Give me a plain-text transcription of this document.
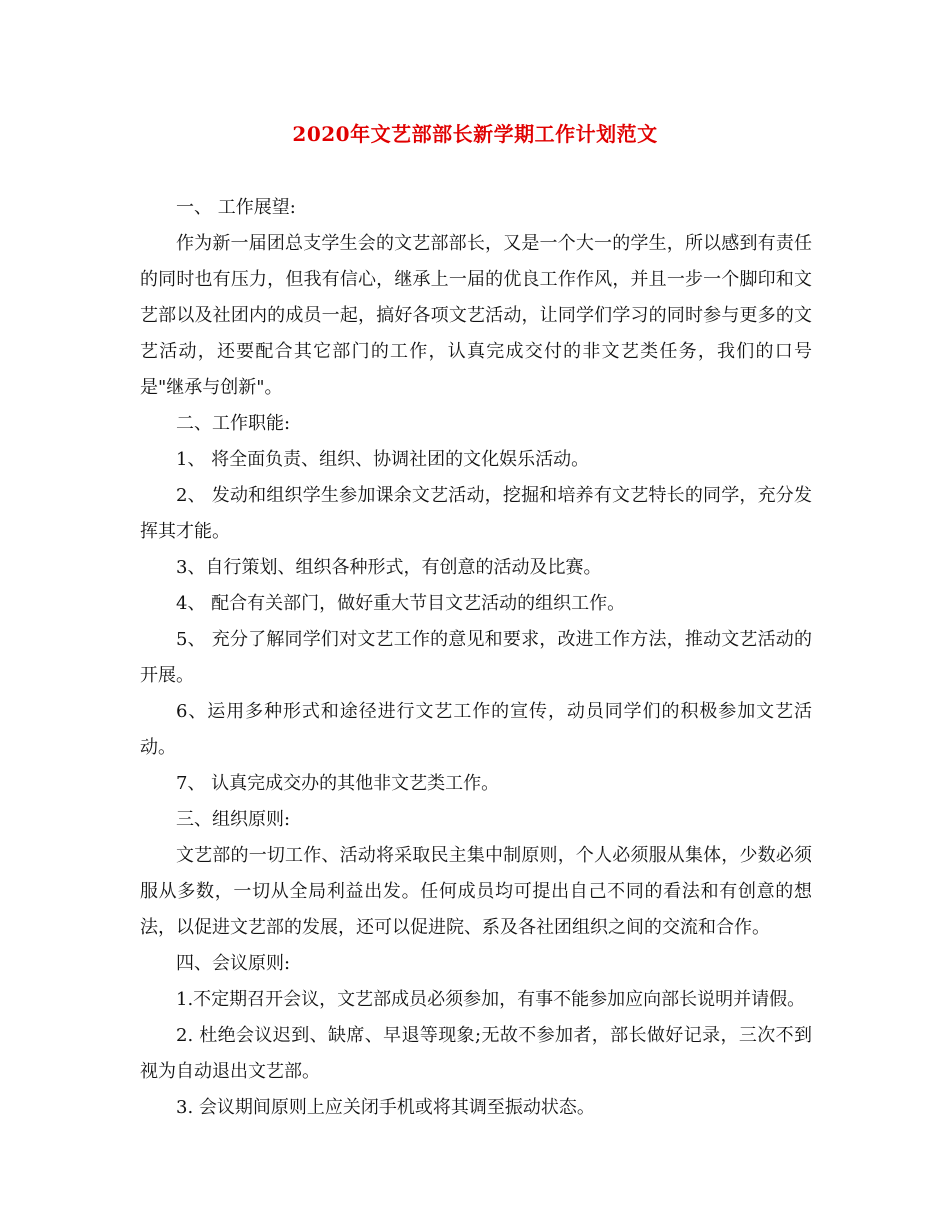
2020年文艺部部长新学期工作计划范文

一、 工作展望:

作为新一届团总支学生会的文艺部部长，又是一个大一的学生，所以感到有责任的同时也有压力，但我有信心，继承上一届的优良工作作风，并且一步一个脚印和文艺部以及社团内的成员一起，搞好各项文艺活动，让同学们学习的同时参与更多的文艺活动，还要配合其它部门的工作，认真完成交付的非文艺类任务，我们的口号是"继承与创新"。

二、工作职能:

1、 将全面负责、组织、协调社团的文化娱乐活动。

2、 发动和组织学生参加课余文艺活动，挖掘和培养有文艺特长的同学，充分发挥其才能。

3、自行策划、组织各种形式，有创意的活动及比赛。

4、 配合有关部门，做好重大节目文艺活动的组织工作。

5、 充分了解同学们对文艺工作的意见和要求，改进工作方法，推动文艺活动的开展。

6、运用多种形式和途径进行文艺工作的宣传，动员同学们的积极参加文艺活动。

7、 认真完成交办的其他非文艺类工作。

三、组织原则:

文艺部的一切工作、活动将采取民主集中制原则，个人必须服从集体，少数必须服从多数，一切从全局利益出发。任何成员均可提出自己不同的看法和有创意的想法，以促进文艺部的发展，还可以促进院、系及各社团组织之间的交流和合作。

四、会议原则:

1.不定期召开会议，文艺部成员必须参加，有事不能参加应向部长说明并请假。

2. 杜绝会议迟到、缺席、早退等现象;无故不参加者，部长做好记录，三次不到视为自动退出文艺部。

3. 会议期间原则上应关闭手机或将其调至振动状态。
